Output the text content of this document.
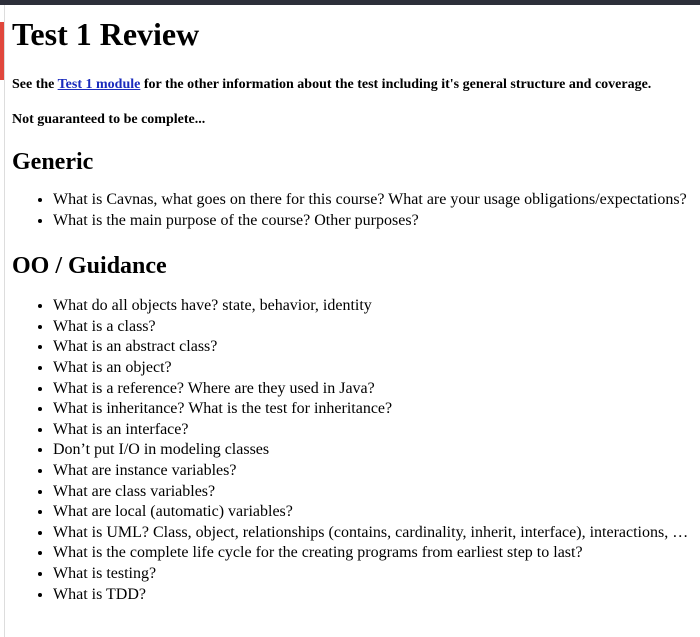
Test 1 Review

See the Test 1 module for the other information about the test including it's general structure and coverage.

Not guaranteed to be complete...

Generic
• What is Cavnas, what goes on there for this course? What are your usage obligations/expectations?
• What is the main purpose of the course? Other purposes?
OO / Guidance
• What do all objects have? state, behavior, identity
• What is a class?
• What is an abstract class?
• What is an object?
• What is a reference? Where are they used in Java?
• What is inheritance? What is the test for inheritance?
• What is an interface?
• Don’t put I/O in modeling classes
• What are instance variables?
• What are class variables?
• What are local (automatic) variables?
• What is UML? Class, object, relationships (contains, cardinality, inherit, interface), interactions, …
• What is the complete life cycle for the creating programs from earliest step to last?
• What is testing?
• What is TDD?
